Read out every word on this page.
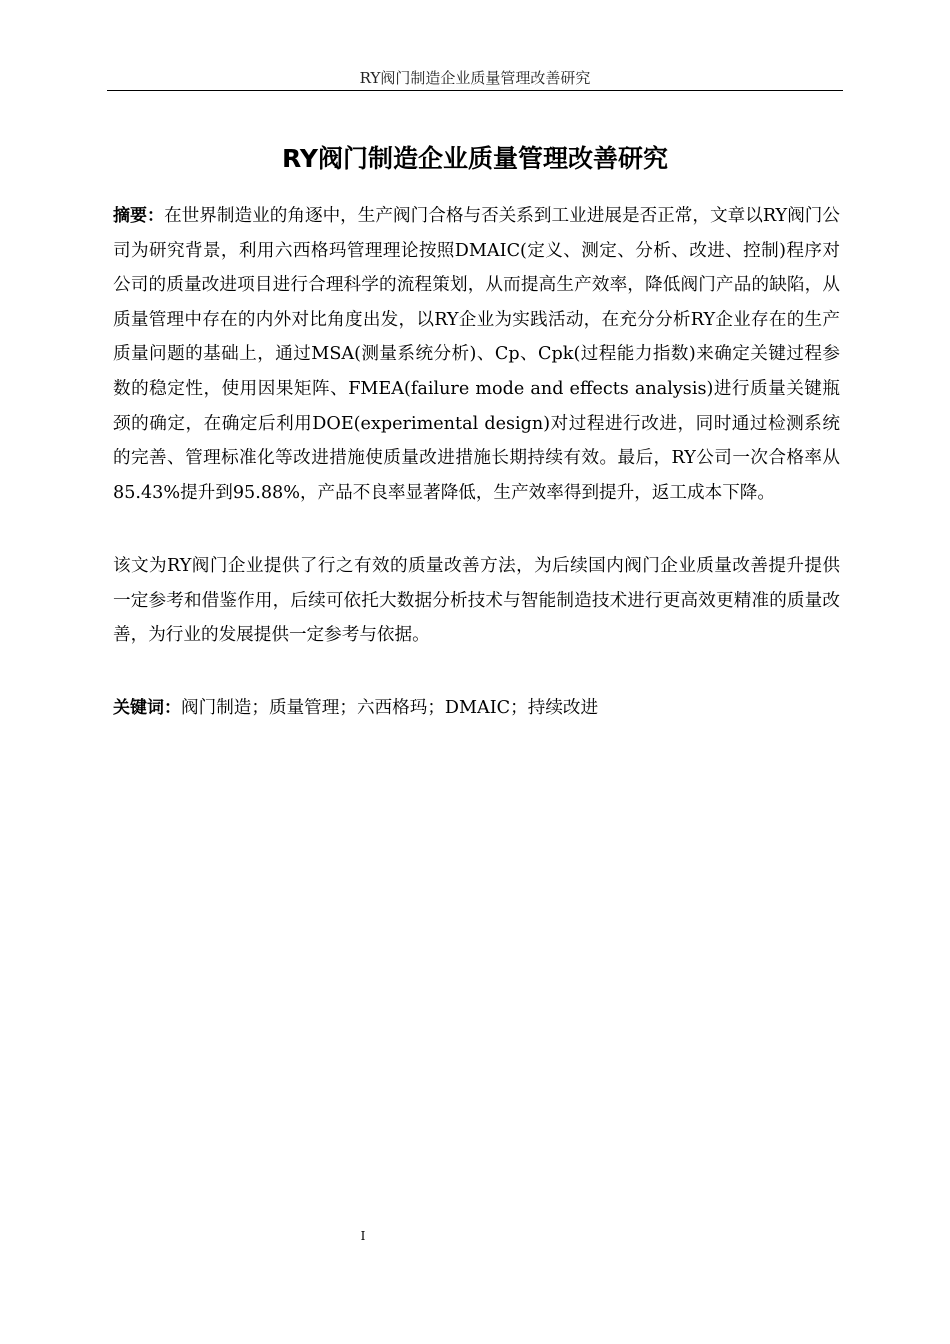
RY阀门制造企业质量管理改善研究
RY阀门制造企业质量管理改善研究
摘要：在世界制造业的角逐中，生产阀门合格与否关系到工业进展是否正常，文章以RY阀门公司为研究背景，利用六西格玛管理理论按照DMAIC(定义、测定、分析、改进、控制)程序对公司的质量改进项目进行合理科学的流程策划，从而提高生产效率，降低阀门产品的缺陷，从质量管理中存在的内外对比角度出发，以RY企业为实践活动，在充分分析RY企业存在的生产质量问题的基础上，通过MSA(测量系统分析)、Cp、Cpk(过程能力指数)来确定关键过程参数的稳定性，使用因果矩阵、FMEA(failure mode and effects analysis)进行质量关键瓶颈的确定，在确定后利用DOE(experimental design)对过程进行改进，同时通过检测系统的完善、管理标准化等改进措施使质量改进措施长期持续有效。最后，RY公司一次合格率从85.43%提升到95.88%，产品不良率显著降低，生产效率得到提升，返工成本下降。
该文为RY阀门企业提供了行之有效的质量改善方法，为后续国内阀门企业质量改善提升提供一定参考和借鉴作用，后续可依托大数据分析技术与智能制造技术进行更高效更精准的质量改善，为行业的发展提供一定参考与依据。
关键词：阀门制造；质量管理；六西格玛；DMAIC；持续改进
I
